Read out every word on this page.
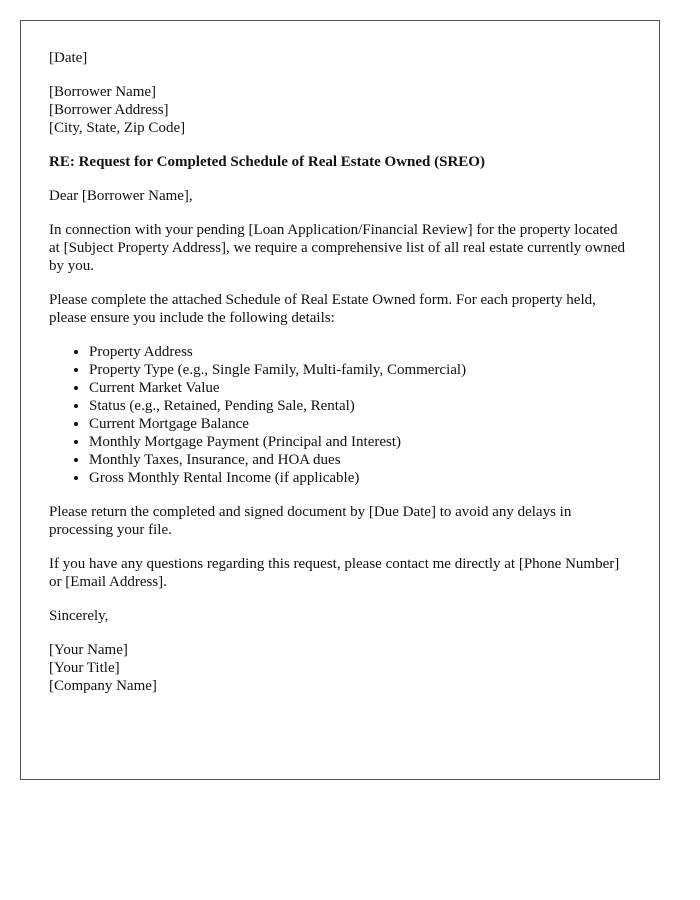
[Date]

[Borrower Name]
[Borrower Address]
[City, State, Zip Code]

RE: Request for Completed Schedule of Real Estate Owned (SREO)

Dear [Borrower Name],

In connection with your pending [Loan Application/Financial Review] for the property located at [Subject Property Address], we require a comprehensive list of all real estate currently owned by you.

Please complete the attached Schedule of Real Estate Owned form. For each property held, please ensure you include the following details:

• Property Address
• Property Type (e.g., Single Family, Multi-family, Commercial)
• Current Market Value
• Status (e.g., Retained, Pending Sale, Rental)
• Current Mortgage Balance
• Monthly Mortgage Payment (Principal and Interest)
• Monthly Taxes, Insurance, and HOA dues
• Gross Monthly Rental Income (if applicable)

Please return the completed and signed document by [Due Date] to avoid any delays in processing your file.

If you have any questions regarding this request, please contact me directly at [Phone Number] or [Email Address].

Sincerely,

[Your Name]
[Your Title]
[Company Name]
